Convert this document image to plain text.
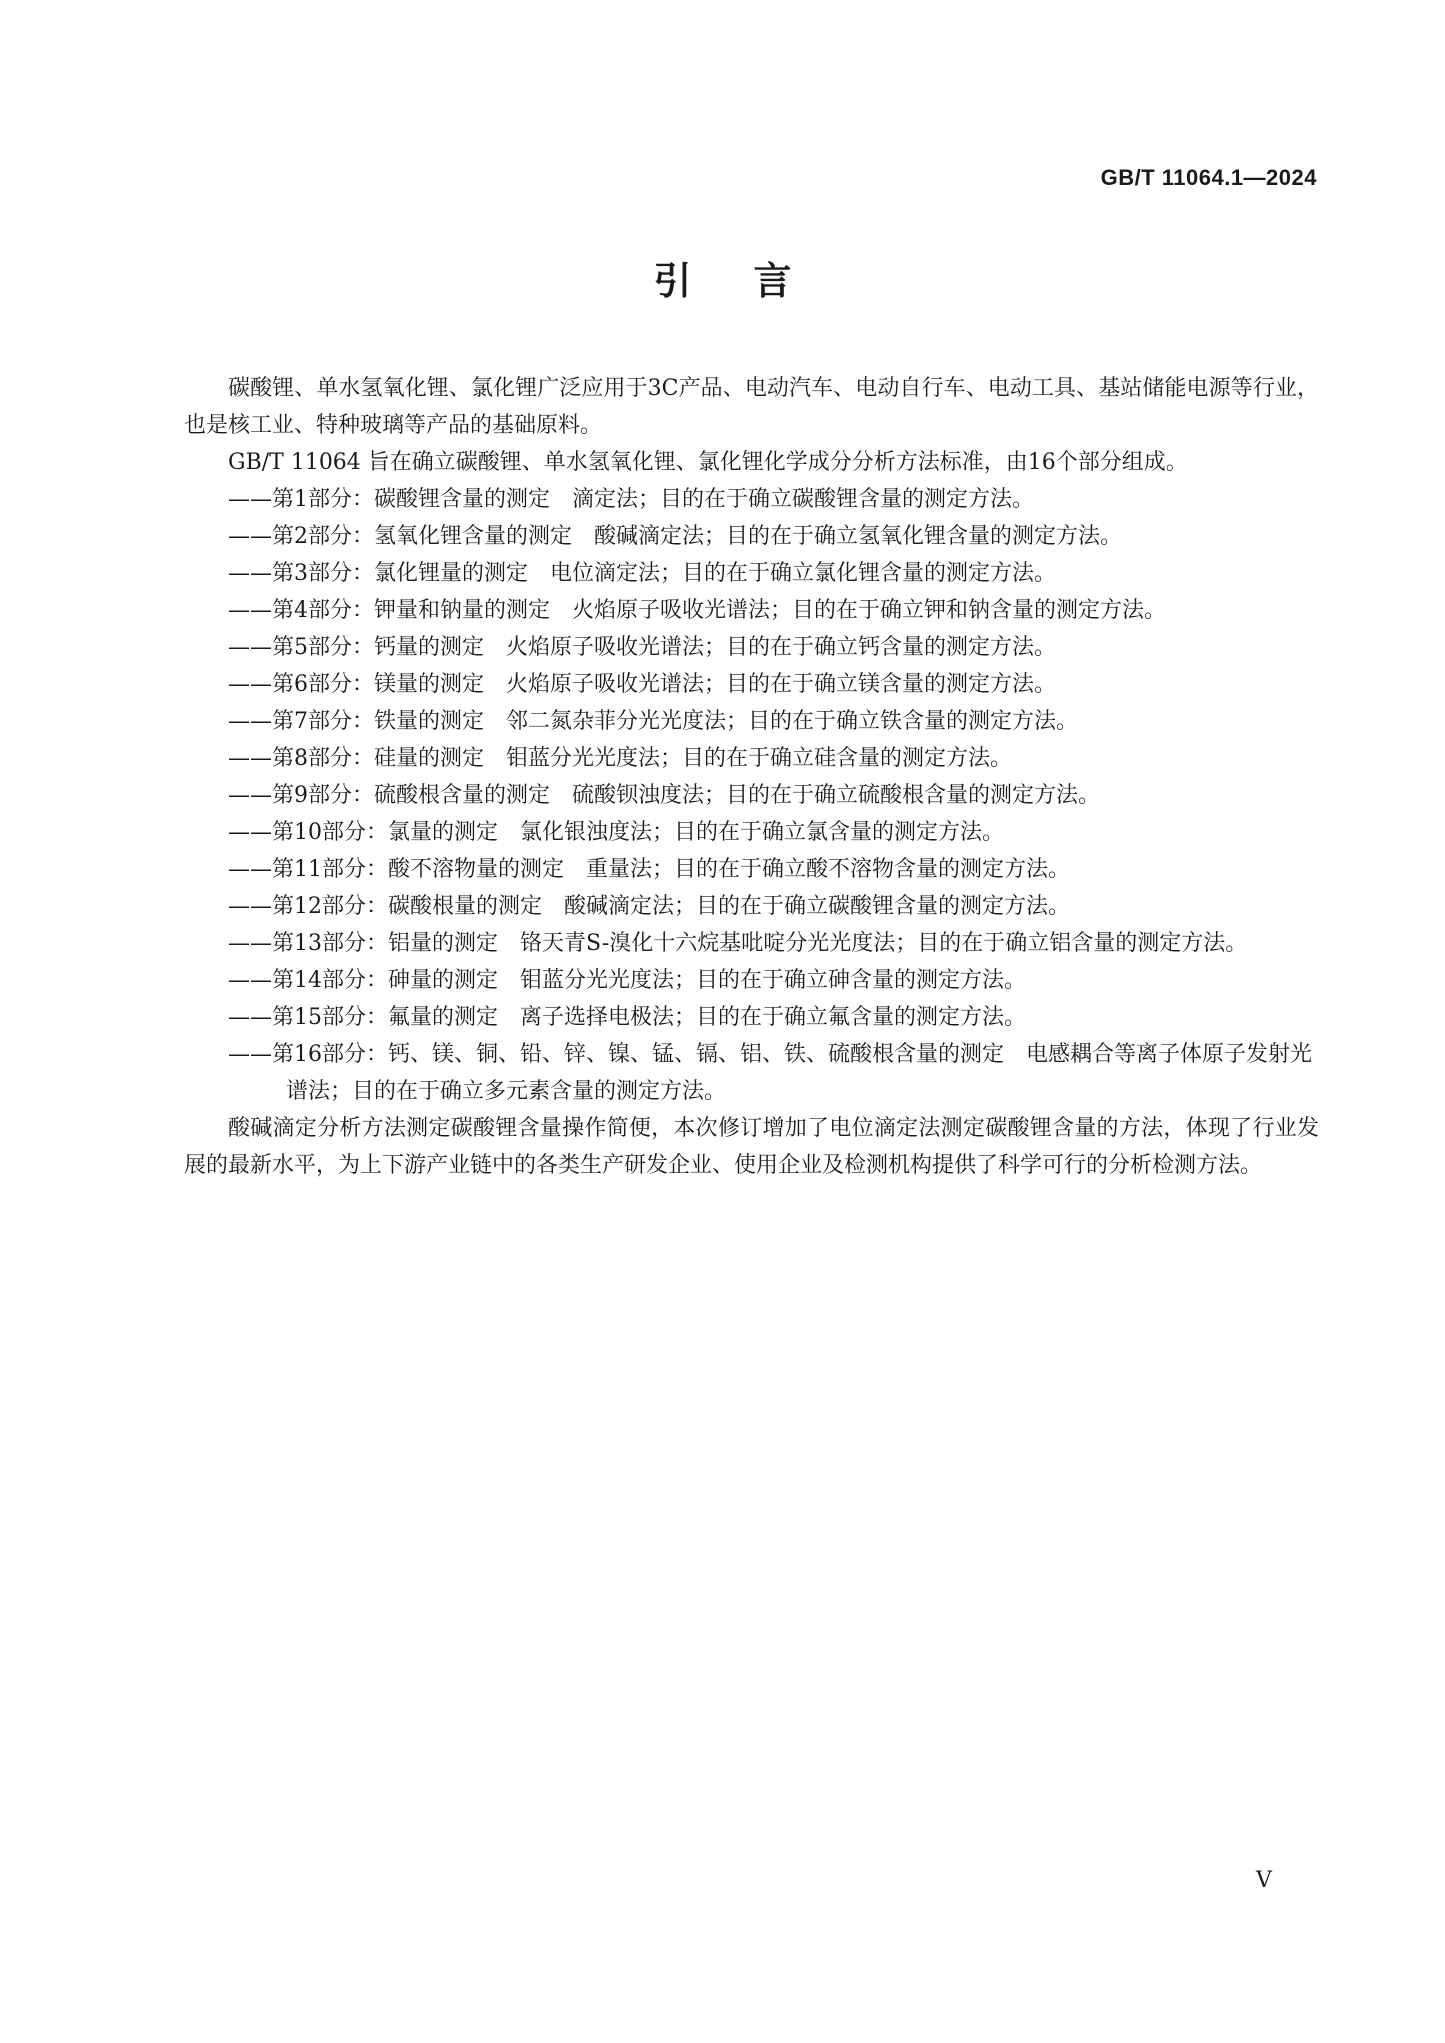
GB/T 11064.1—2024
引言

碳酸锂、单水氢氧化锂、氯化锂广泛应用于3C产品、电动汽车、电动自行车、电动工具、基站储能电源等行业，也是核工业、特种玻璃等产品的基础原料。

GB/T 11064 旨在确立碳酸锂、单水氢氧化锂、氯化锂化学成分分析方法标准，由16个部分组成。

——第1部分：碳酸锂含量的测定　滴定法；目的在于确立碳酸锂含量的测定方法。
——第2部分：氢氧化锂含量的测定　酸碱滴定法；目的在于确立氢氧化锂含量的测定方法。
——第3部分：氯化锂量的测定　电位滴定法；目的在于确立氯化锂含量的测定方法。
——第4部分：钾量和钠量的测定　火焰原子吸收光谱法；目的在于确立钾和钠含量的测定方法。
——第5部分：钙量的测定　火焰原子吸收光谱法；目的在于确立钙含量的测定方法。
——第6部分：镁量的测定　火焰原子吸收光谱法；目的在于确立镁含量的测定方法。
——第7部分：铁量的测定　邻二氮杂菲分光光度法；目的在于确立铁含量的测定方法。
——第8部分：硅量的测定　钼蓝分光光度法；目的在于确立硅含量的测定方法。
——第9部分：硫酸根含量的测定　硫酸钡浊度法；目的在于确立硫酸根含量的测定方法。
——第10部分：氯量的测定　氯化银浊度法；目的在于确立氯含量的测定方法。
——第11部分：酸不溶物量的测定　重量法；目的在于确立酸不溶物含量的测定方法。
——第12部分：碳酸根量的测定　酸碱滴定法；目的在于确立碳酸锂含量的测定方法。
——第13部分：铝量的测定　铬天青S-溴化十六烷基吡啶分光光度法；目的在于确立铝含量的测定方法。
——第14部分：砷量的测定　钼蓝分光光度法；目的在于确立砷含量的测定方法。
——第15部分：氟量的测定　离子选择电极法；目的在于确立氟含量的测定方法。
——第16部分：钙、镁、铜、铅、锌、镍、锰、镉、铝、铁、硫酸根含量的测定　电感耦合等离子体原子发射光谱法；目的在于确立多元素含量的测定方法。

酸碱滴定分析方法测定碳酸锂含量操作简便，本次修订增加了电位滴定法测定碳酸锂含量的方法，体现了行业发展的最新水平，为上下游产业链中的各类生产研发企业、使用企业及检测机构提供了科学可行的分析检测方法。

V
